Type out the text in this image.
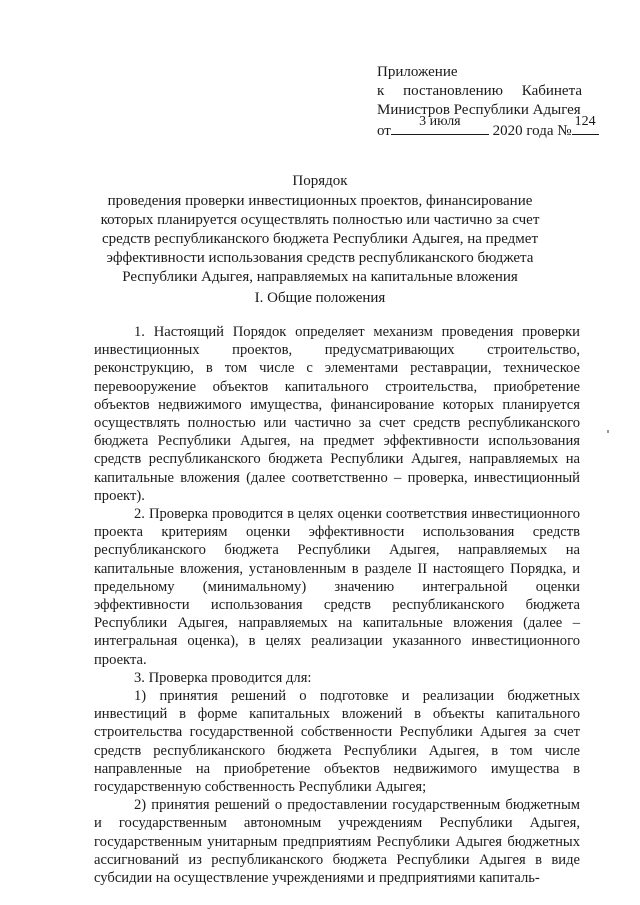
Приложение
к постановлению Кабинета
Министров Республики Адыгея
от
3 июля
2020 года №
124
Порядок
проведения проверки инвестиционных проектов, финансирование которых планируется осуществлять полностью или частично за счет средств республиканского бюджета Республики Адыгея, на предмет эффективности использования средств республиканского бюджета Республики Адыгея, направляемых на капитальные вложения
I. Общие положения

1. Настоящий Порядок определяет механизм проведения проверки инвестиционных проектов, предусматривающих строительство, реконструкцию, в том числе с элементами реставрации, техническое перевооружение объектов капитального строительства, приобретение объектов недвижимого имущества, финансирование которых планируется осуществлять полностью или частично за счет средств республиканского бюджета Республики Адыгея, на предмет эффективности использования средств республиканского бюджета Республики Адыгея, направляемых на капитальные вложения (далее соответственно – проверка, инвестиционный проект).

2. Проверка проводится в целях оценки соответствия инвестиционного проекта критериям оценки эффективности использования средств республиканского бюджета Республики Адыгея, направляемых на капитальные вложения, установленным в разделе II настоящего Порядка, и предельному (минимальному) значению интегральной оценки эффективности использования средств республиканского бюджета Республики Адыгея, направляемых на капитальные вложения (далее – интегральная оценка), в целях реализации указанного инвестиционного проекта.

3. Проверка проводится для:

1) принятия решений о подготовке и реализации бюджетных инвестиций в форме капитальных вложений в объекты капитального строительства государственной собственности Республики Адыгея за счет средств республиканского бюджета Республики Адыгея, в том числе направленные на приобретение объектов недвижимого имущества в государственную собственность Республики Адыгея;

2) принятия решений о предоставлении государственным бюджетным и государственным автономным учреждениям Республики Адыгея, государственным унитарным предприятиям Республики Адыгея бюджетных ассигнований из республиканского бюджета Республики Адыгея в виде субсидии на осуществление учреждениями и предприятиями капиталь-
